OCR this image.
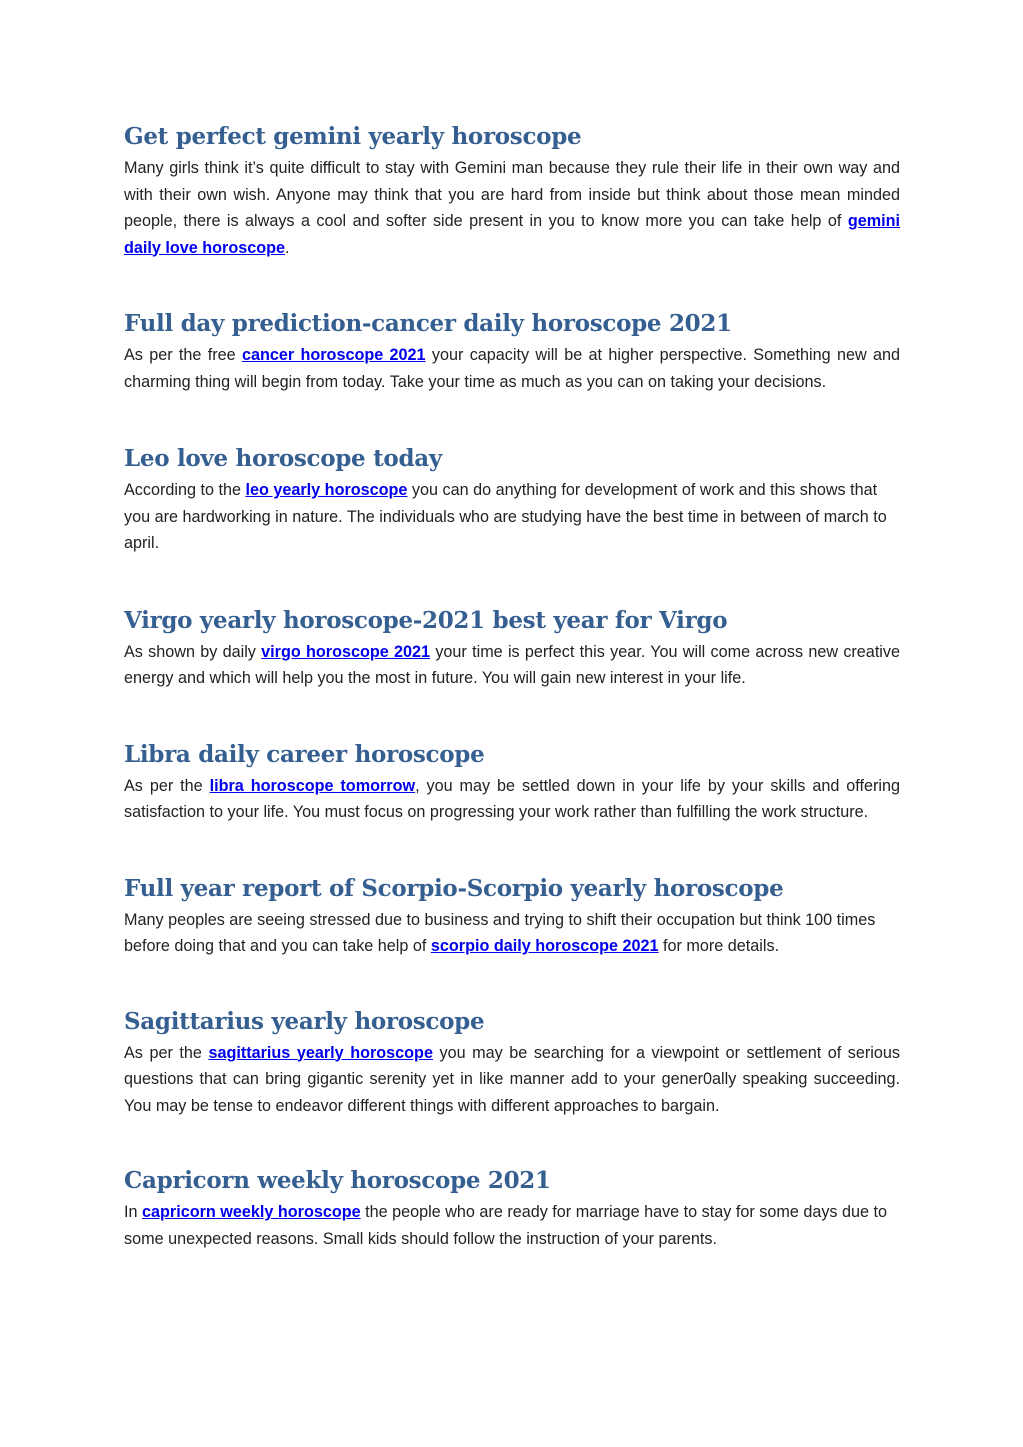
Get perfect gemini yearly horoscope

Many girls think it’s quite difficult to stay with Gemini man because they rule their life in their own way and with their own wish. Anyone may think that you are hard from inside but think about those mean minded people, there is always a cool and softer side present in you to know more you can take help of gemini daily love horoscope.

Full day prediction-cancer daily horoscope 2021

As per the free cancer horoscope 2021 your capacity will be at higher perspective. Something new and charming thing will begin from today. Take your time as much as you can on taking your decisions.

Leo love horoscope today

According to the leo yearly horoscope you can do anything for development of work and this shows that you are hardworking in nature. The individuals who are studying have the best time in between of march to april.

Virgo yearly horoscope-2021 best year for Virgo

As shown by daily virgo horoscope 2021 your time is perfect this year. You will come across new creative energy and which will help you the most in future. You will gain new interest in your life.

Libra daily career horoscope

As per the libra horoscope tomorrow, you may be settled down in your life by your skills and offering satisfaction to your life. You must focus on progressing your work rather than fulfilling the work structure.

Full year report of Scorpio-Scorpio yearly horoscope

Many peoples are seeing stressed due to business and trying to shift their occupation but think 100 times before doing that and you can take help of scorpio daily horoscope 2021 for more details.

Sagittarius yearly horoscope

As per the sagittarius yearly horoscope you may be searching for a viewpoint or settlement of serious questions that can bring gigantic serenity yet in like manner add to your gener0ally speaking succeeding. You may be tense to endeavor different things with different approaches to bargain.

Capricorn weekly horoscope 2021

In capricorn weekly horoscope the people who are ready for marriage have to stay for some days due to some unexpected reasons. Small kids should follow the instruction of your parents.
